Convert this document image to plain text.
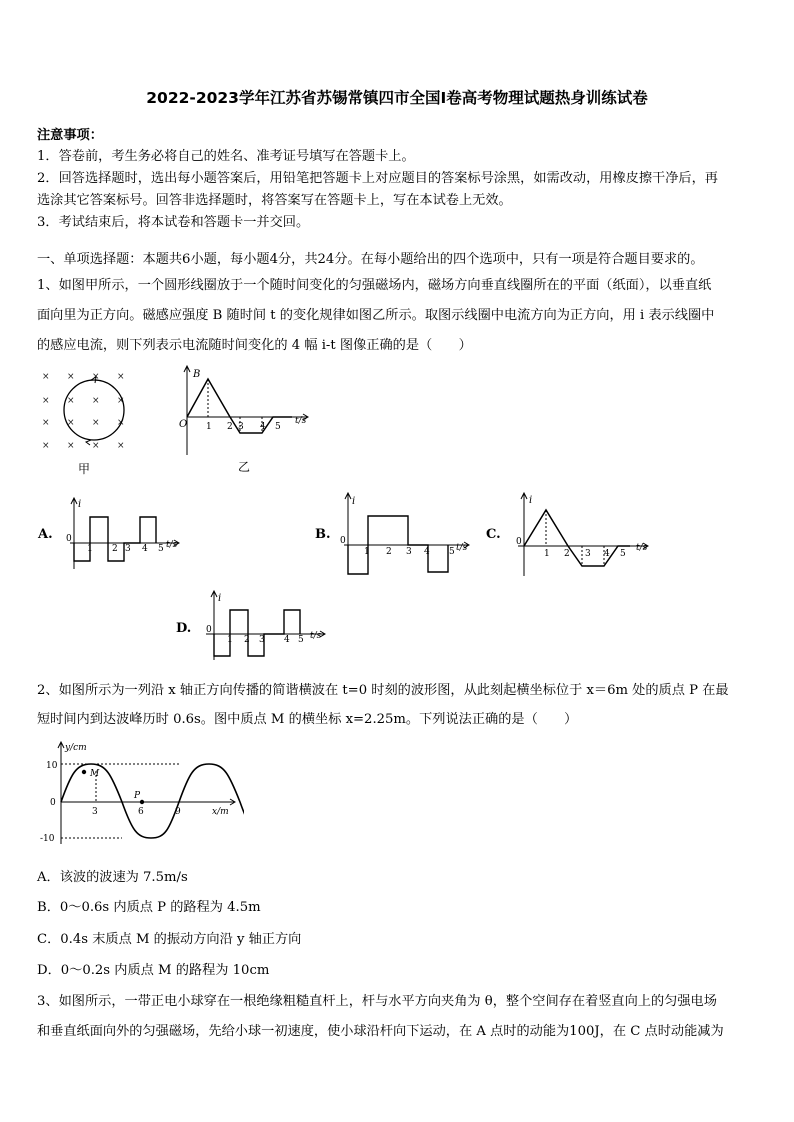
2022-2023学年江苏省苏锡常镇四市全国Ⅰ卷高考物理试题热身训练试卷
注意事项：
1．答卷前，考生务必将自己的姓名、准考证号填写在答题卡上。
2．回答选择题时，选出每小题答案后，用铅笔把答题卡上对应题目的答案标号涂黑，如需改动，用橡皮擦干净后，再
选涂其它答案标号。回答非选择题时，将答案写在答题卡上，写在本试卷上无效。
3．考试结束后，将本试卷和答题卡一并交回。
一、单项选择题：本题共6小题，每小题4分，共24分。在每小题给出的四个选项中，只有一项是符合题目要求的。
1、如图甲所示，一个圆形线圈放于一个随时间变化的匀强磁场内，磁场方向垂直线圈所在的平面（纸面），以垂直纸
面向里为正方向。磁感应强度 B 随时间 t 的变化规律如图乙所示。取图示线圈中电流方向为正方向，用 i 表示线圈中
的感应电流，则下列表示电流随时间变化的 4 幅 i-t 图像正确的是（　　）
× × × ×
× × × ×
× × × ×
× × × ×
甲
B
O 1 2 3 4 5
t/s
乙
A.
i
0
1 2 3 4 5 t/s
B.
i
0
1 2 3 4 5 t/s
C.
i
0
1 2 3 4 5
t/s
D.
i
0
1 2 3 4 5 t/s
2、如图所示为一列沿 x 轴正方向传播的简谐横波在 t=0 时刻的波形图，从此刻起横坐标位于 x＝6m 处的质点 P 在最
短时间内到达波峰历时 0.6s。图中质点 M 的横坐标 x=2.25m。下列说法正确的是（　　）
y/cm
x/m
10
0
-10
M
P
3	6	9
A．该波的波速为 7.5m/s
B．0～0.6s 内质点 P 的路程为 4.5m
C．0.4s 末质点 M 的振动方向沿 y 轴正方向
D．0～0.2s 内质点 M 的路程为 10cm
3、如图所示，一带正电小球穿在一根绝缘粗糙直杆上，杆与水平方向夹角为 θ，整个空间存在着竖直向上的匀强电场
和垂直纸面向外的匀强磁场，先给小球一初速度，使小球沿杆向下运动，在 A 点时的动能为100J，在 C 点时动能减为
